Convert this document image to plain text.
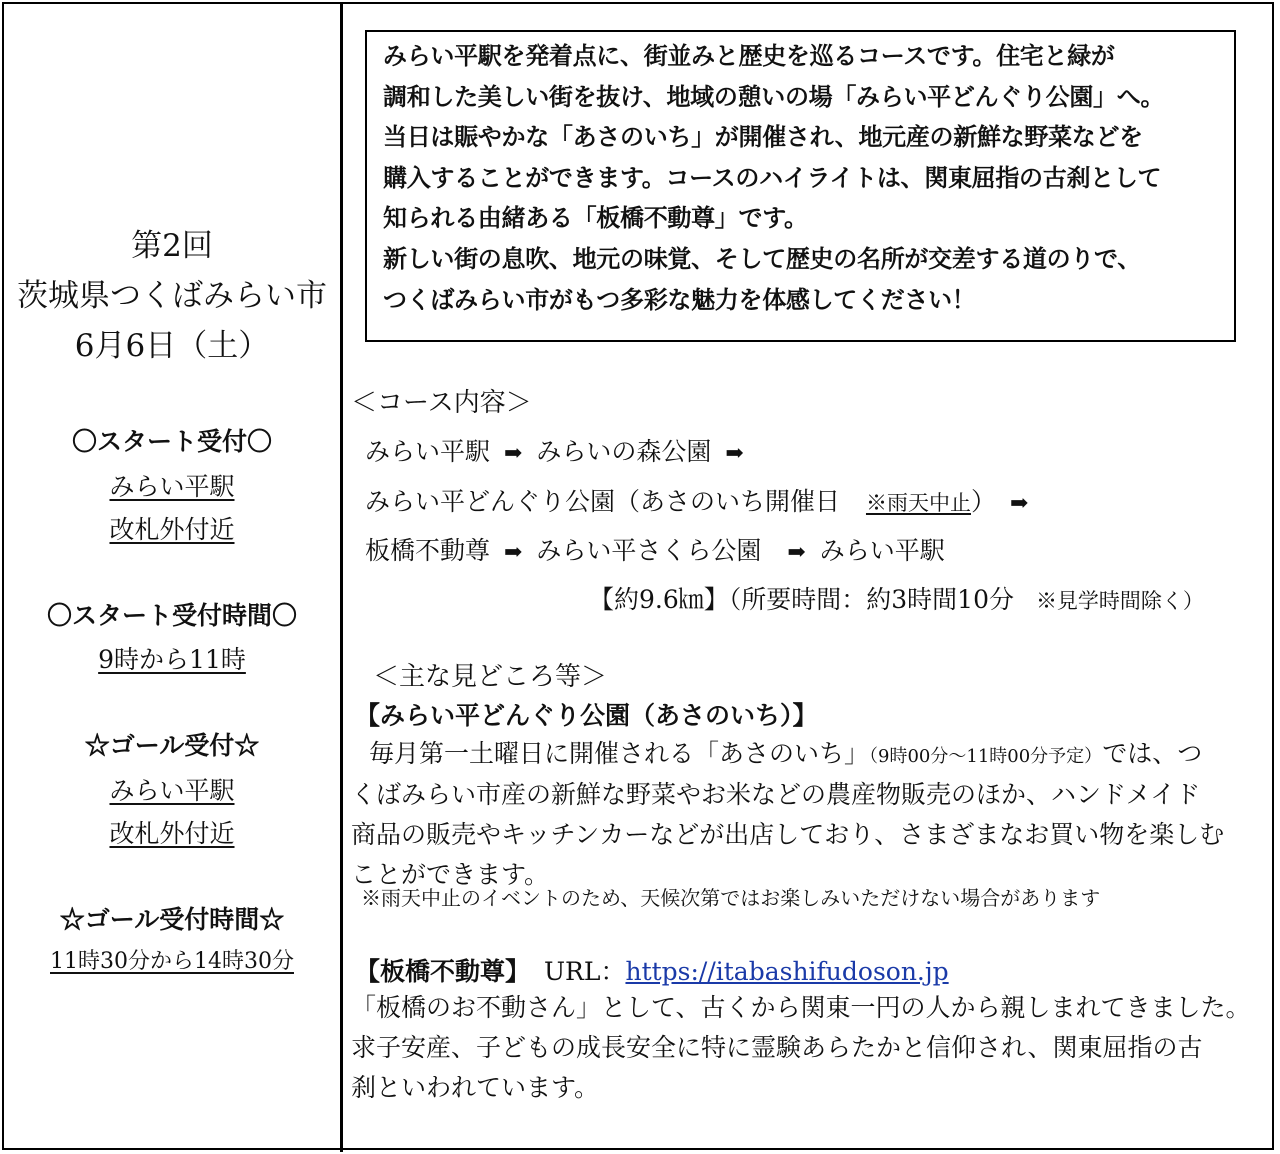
第2回
茨城県つくばみらい市
6月6日（土）
〇スタート受付〇
みらい平駅
改札外付近
〇スタート受付時間〇
9時から11時
☆ゴール受付☆
みらい平駅
改札外付近
☆ゴール受付時間☆
11時30分から14時30分
みらい平駅を発着点に、街並みと歴史を巡るコースです。住宅と緑が
調和した美しい街を抜け、地域の憩いの場「みらい平どんぐり公園」へ。
当日は賑やかな「あさのいち」が開催され、地元産の新鮮な野菜などを
購入することができます。コースのハイライトは、関東屈指の古刹として
知られる由緒ある「板橋不動尊」です。
新しい街の息吹、地元の味覚、そして歴史の名所が交差する道のりで、
つくばみらい市がもつ多彩な魅力を体感してください！
＜コース内容＞
みらい平駅 ➡ みらいの森公園 ➡
みらい平どんぐり公園（あさのいち開催日 ※雨天中止） ➡
板橋不動尊 ➡ みらい平さくら公園 ➡ みらい平駅
【約9.6㎞】（所要時間：約3時間10分 ※見学時間除く）
＜主な見どころ等＞
【みらい平どんぐり公園（あさのいち）】
毎月第一土曜日に開催される「あさのいち」（9時00分～11時00分予定）では、つ
くばみらい市産の新鮮な野菜やお米などの農産物販売のほか、ハンドメイド
商品の販売やキッチンカーなどが出店しており、さまざまなお買い物を楽しむ
ことができます。
※雨天中止のイベントのため、天候次第ではお楽しみいただけない場合があります
【板橋不動尊】 URL：https://itabashifudoson.jp
「板橋のお不動さん」として、古くから関東一円の人から親しまれてきました。
求子安産、子どもの成長安全に特に霊験あらたかと信仰され、関東屈指の古
刹といわれています。
